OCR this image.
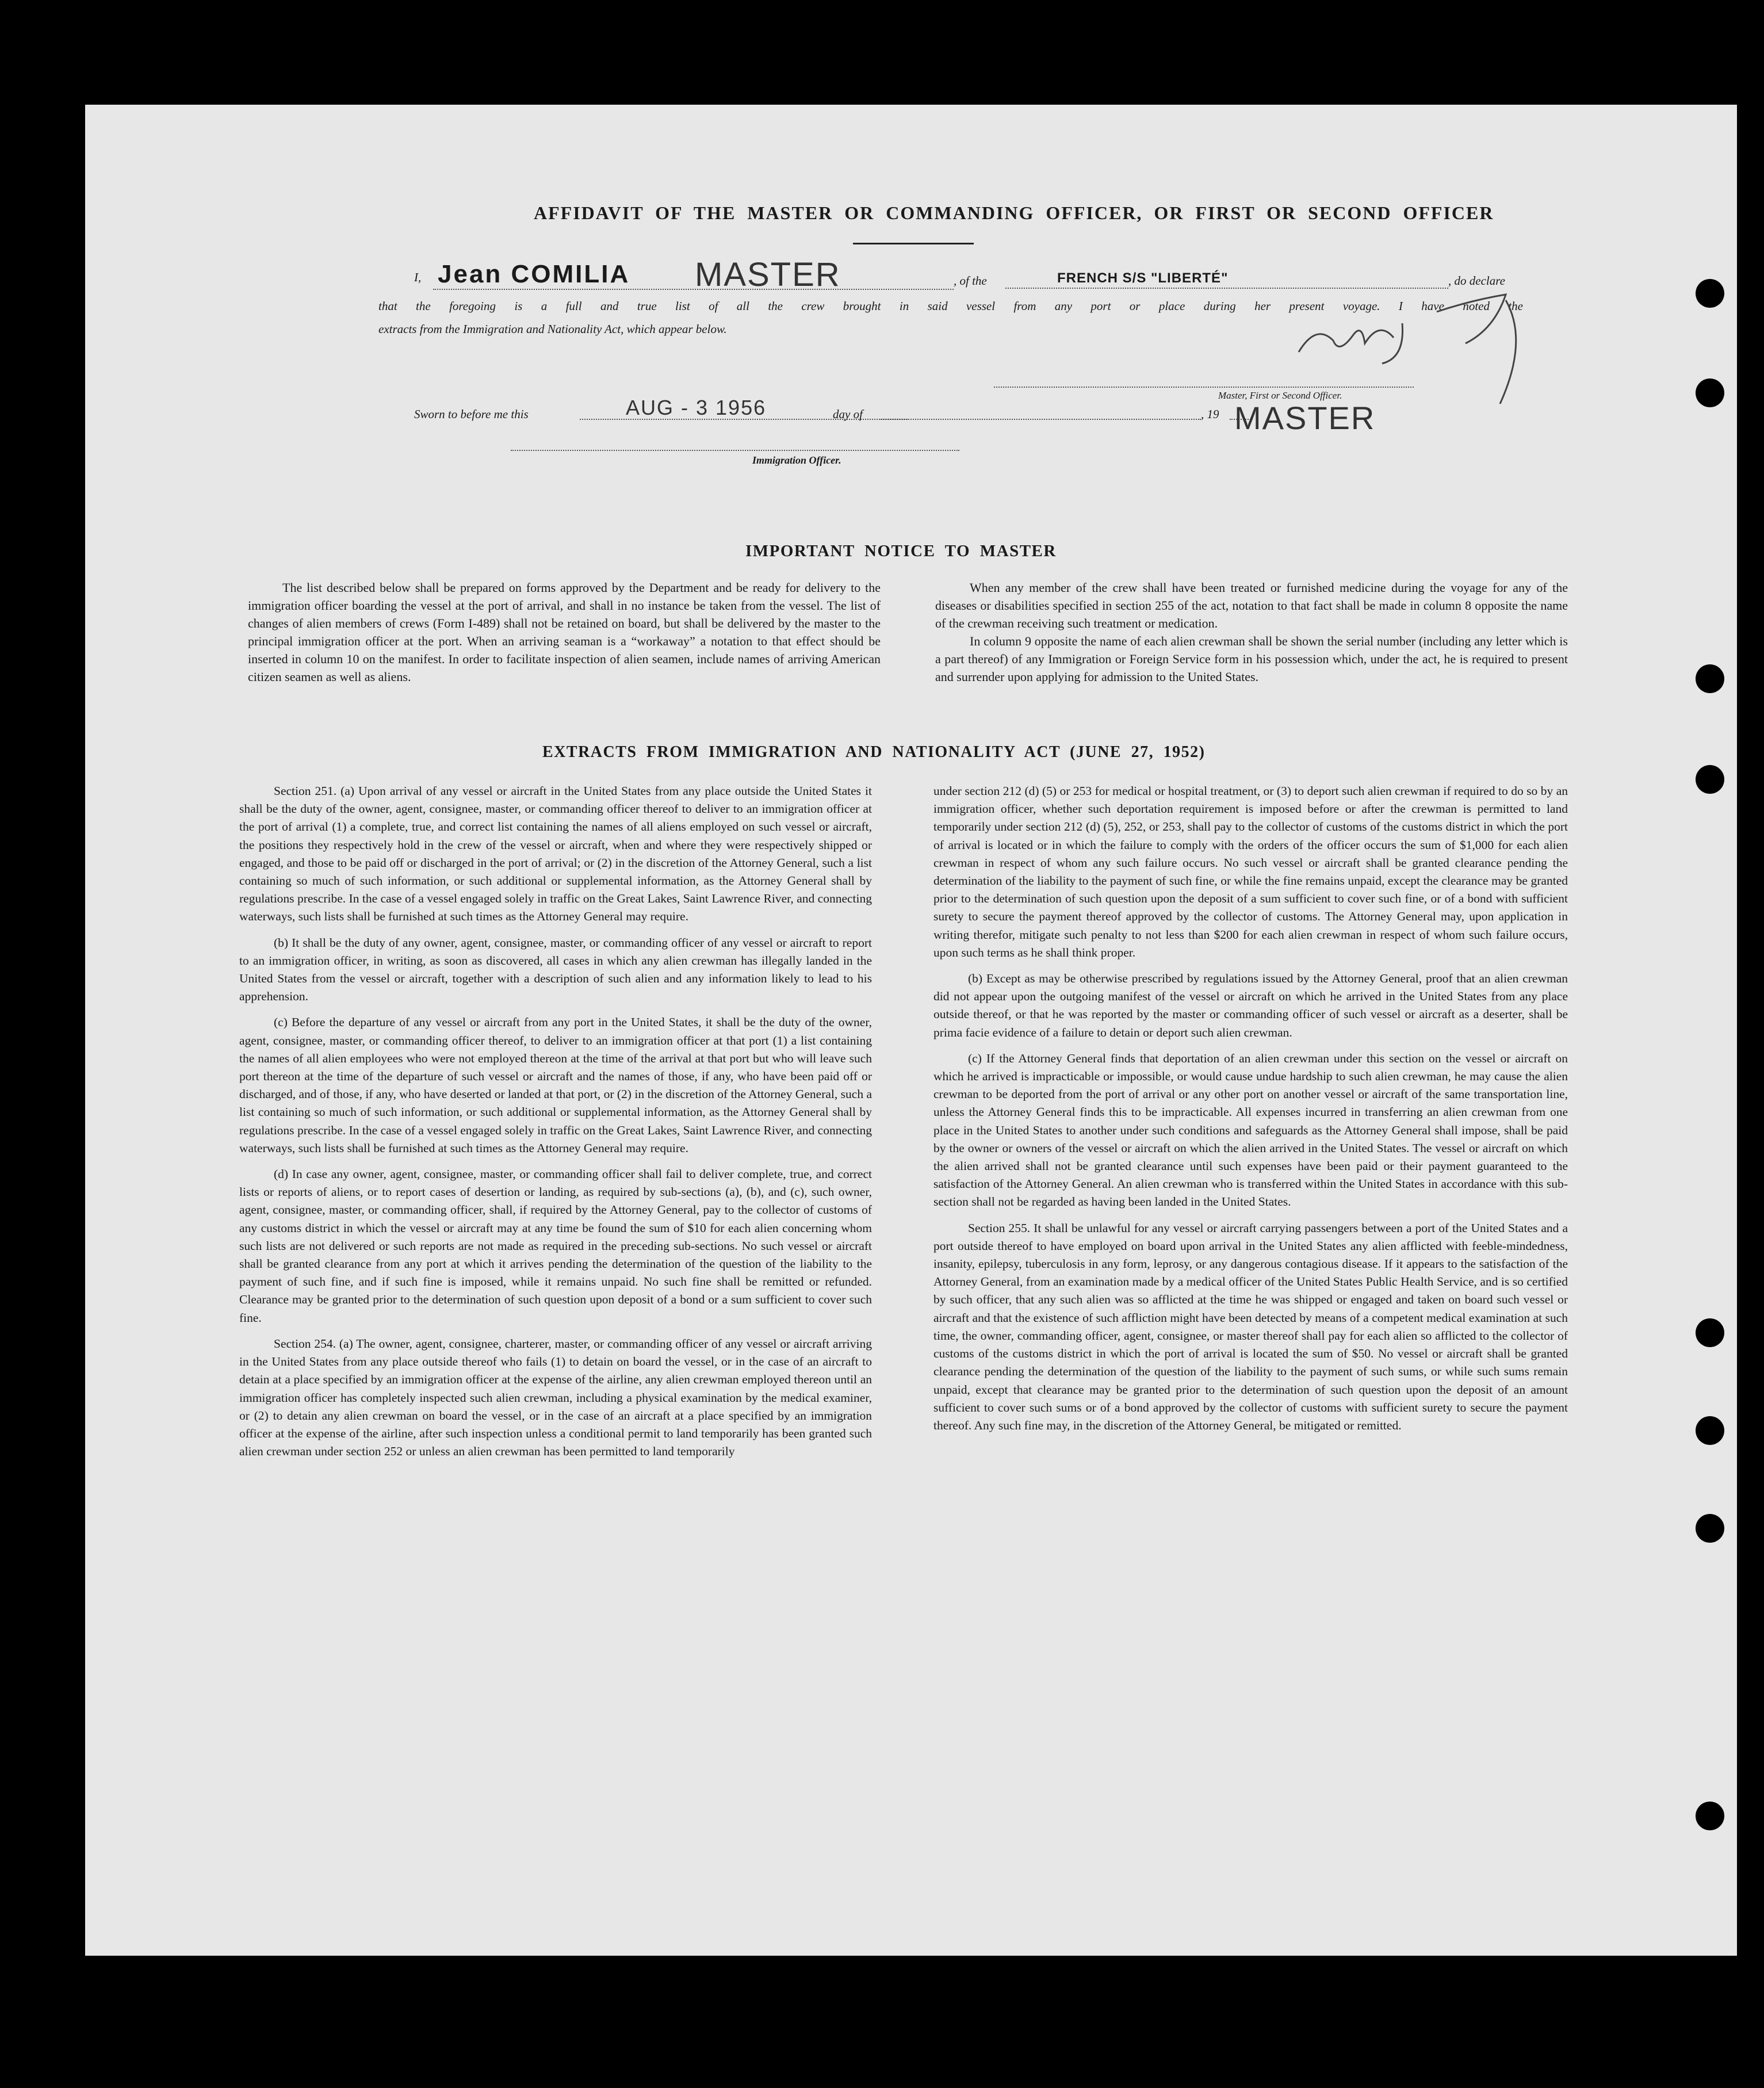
AFFIDAVIT OF THE MASTER OR COMMANDING OFFICER, OR FIRST OR SECOND OFFICER
I, Jean COMILIA MASTER	, of the	FRENCH S/S "LIBERTÉ"	, do declare
that the foregoing is a full and true list of all the crew brought in said vessel from any port or place during her present voyage. I have noted the
extracts from the Immigration and Nationality Act, which appear below.
Sworn to before me this	AUG - 3 1956	day of	, 19
Master, First or Second Officer.
MASTER
Immigration Officer.
IMPORTANT NOTICE TO MASTER

The list described below shall be prepared on forms approved by the Department and be ready for delivery to the immigration officer boarding the vessel at the port of arrival, and shall in no instance be taken from the vessel. The list of changes of alien members of crews (Form I-489) shall not be retained on board, but shall be delivered by the master to the principal immigration officer at the port. When an arriving seaman is a “workaway” a notation to that effect should be inserted in column 10 on the manifest. In order to facilitate inspection of alien seamen, include names of arriving American citizen seamen as well as aliens.

When any member of the crew shall have been treated or furnished medicine during the voyage for any of the diseases or disabilities specified in section 255 of the act, notation to that fact shall be made in column 8 opposite the name of the crewman receiving such treatment or medication.

In column 9 opposite the name of each alien crewman shall be shown the serial number (including any letter which is a part thereof) of any Immigration or Foreign Service form in his possession which, under the act, he is required to present and surrender upon applying for admission to the United States.

EXTRACTS FROM IMMIGRATION AND NATIONALITY ACT (JUNE 27, 1952)

Section 251. (a) Upon arrival of any vessel or aircraft in the United States from any place outside the United States it shall be the duty of the owner, agent, consignee, master, or commanding officer thereof to deliver to an immigration officer at the port of arrival (1) a complete, true, and correct list containing the names of all aliens employed on such vessel or aircraft, the positions they respectively hold in the crew of the vessel or aircraft, when and where they were respectively shipped or engaged, and those to be paid off or discharged in the port of arrival; or (2) in the discretion of the Attorney General, such a list containing so much of such information, or such additional or supplemental information, as the Attorney General shall by regulations prescribe. In the case of a vessel engaged solely in traffic on the Great Lakes, Saint Lawrence River, and connecting waterways, such lists shall be furnished at such times as the Attorney General may require.

(b) It shall be the duty of any owner, agent, consignee, master, or commanding officer of any vessel or aircraft to report to an immigration officer, in writing, as soon as discovered, all cases in which any alien crewman has illegally landed in the United States from the vessel or aircraft, together with a description of such alien and any information likely to lead to his apprehension.

(c) Before the departure of any vessel or aircraft from any port in the United States, it shall be the duty of the owner, agent, consignee, master, or commanding officer thereof, to deliver to an immigration officer at that port (1) a list containing the names of all alien employees who were not employed thereon at the time of the arrival at that port but who will leave such port thereon at the time of the departure of such vessel or aircraft and the names of those, if any, who have been paid off or discharged, and of those, if any, who have deserted or landed at that port, or (2) in the discretion of the Attorney General, such a list containing so much of such information, or such additional or supplemental information, as the Attorney General shall by regulations prescribe. In the case of a vessel engaged solely in traffic on the Great Lakes, Saint Lawrence River, and connecting waterways, such lists shall be furnished at such times as the Attorney General may require.

(d) In case any owner, agent, consignee, master, or commanding officer shall fail to deliver complete, true, and correct lists or reports of aliens, or to report cases of desertion or landing, as required by sub-sections (a), (b), and (c), such owner, agent, consignee, master, or commanding officer, shall, if required by the Attorney General, pay to the collector of customs of any customs district in which the vessel or aircraft may at any time be found the sum of $10 for each alien concerning whom such lists are not delivered or such reports are not made as required in the preceding sub-sections. No such vessel or aircraft shall be granted clearance from any port at which it arrives pending the determination of the question of the liability to the payment of such fine, and if such fine is imposed, while it remains unpaid. No such fine shall be remitted or refunded. Clearance may be granted prior to the determination of such question upon deposit of a bond or a sum sufficient to cover such fine.

Section 254. (a) The owner, agent, consignee, charterer, master, or commanding officer of any vessel or aircraft arriving in the United States from any place outside thereof who fails (1) to detain on board the vessel, or in the case of an aircraft to detain at a place specified by an immigration officer at the expense of the airline, any alien crewman employed thereon until an immigration officer has completely inspected such alien crewman, including a physical examination by the medical examiner, or (2) to detain any alien crewman on board the vessel, or in the case of an aircraft at a place specified by an immigration officer at the expense of the airline, after such inspection unless a conditional permit to land temporarily has been granted such alien crewman under section 252 or unless an alien crewman has been permitted to land temporarily

under section 212 (d) (5) or 253 for medical or hospital treatment, or (3) to deport such alien crewman if required to do so by an immigration officer, whether such deportation requirement is imposed before or after the crewman is permitted to land temporarily under section 212 (d) (5), 252, or 253, shall pay to the collector of customs of the customs district in which the port of arrival is located or in which the failure to comply with the orders of the officer occurs the sum of $1,000 for each alien crewman in respect of whom any such failure occurs. No such vessel or aircraft shall be granted clearance pending the determination of the liability to the payment of such fine, or while the fine remains unpaid, except the clearance may be granted prior to the determination of such question upon the deposit of a sum sufficient to cover such fine, or of a bond with sufficient surety to secure the payment thereof approved by the collector of customs. The Attorney General may, upon application in writing therefor, mitigate such penalty to not less than $200 for each alien crewman in respect of whom such failure occurs, upon such terms as he shall think proper.

(b) Except as may be otherwise prescribed by regulations issued by the Attorney General, proof that an alien crewman did not appear upon the outgoing manifest of the vessel or aircraft on which he arrived in the United States from any place outside thereof, or that he was reported by the master or commanding officer of such vessel or aircraft as a deserter, shall be prima facie evidence of a failure to detain or deport such alien crewman.

(c) If the Attorney General finds that deportation of an alien crewman under this section on the vessel or aircraft on which he arrived is impracticable or impossible, or would cause undue hardship to such alien crewman, he may cause the alien crewman to be deported from the port of arrival or any other port on another vessel or aircraft of the same transportation line, unless the Attorney General finds this to be impracticable. All expenses incurred in transferring an alien crewman from one place in the United States to another under such conditions and safeguards as the Attorney General shall impose, shall be paid by the owner or owners of the vessel or aircraft on which the alien arrived in the United States. The vessel or aircraft on which the alien arrived shall not be granted clearance until such expenses have been paid or their payment guaranteed to the satisfaction of the Attorney General. An alien crewman who is transferred within the United States in accordance with this sub-section shall not be regarded as having been landed in the United States.

Section 255. It shall be unlawful for any vessel or aircraft carrying passengers between a port of the United States and a port outside thereof to have employed on board upon arrival in the United States any alien afflicted with feeble-mindedness, insanity, epilepsy, tuberculosis in any form, leprosy, or any dangerous contagious disease. If it appears to the satisfaction of the Attorney General, from an examination made by a medical officer of the United States Public Health Service, and is so certified by such officer, that any such alien was so afflicted at the time he was shipped or engaged and taken on board such vessel or aircraft and that the existence of such affliction might have been detected by means of a competent medical examination at such time, the owner, commanding officer, agent, consignee, or master thereof shall pay for each alien so afflicted to the collector of customs of the customs district in which the port of arrival is located the sum of $50. No vessel or aircraft shall be granted clearance pending the determination of the question of the liability to the payment of such sums, or while such sums remain unpaid, except that clearance may be granted prior to the determination of such question upon the deposit of an amount sufficient to cover such sums or of a bond approved by the collector of customs with sufficient surety to secure the payment thereof. Any such fine may, in the discretion of the Attorney General, be mitigated or remitted.
